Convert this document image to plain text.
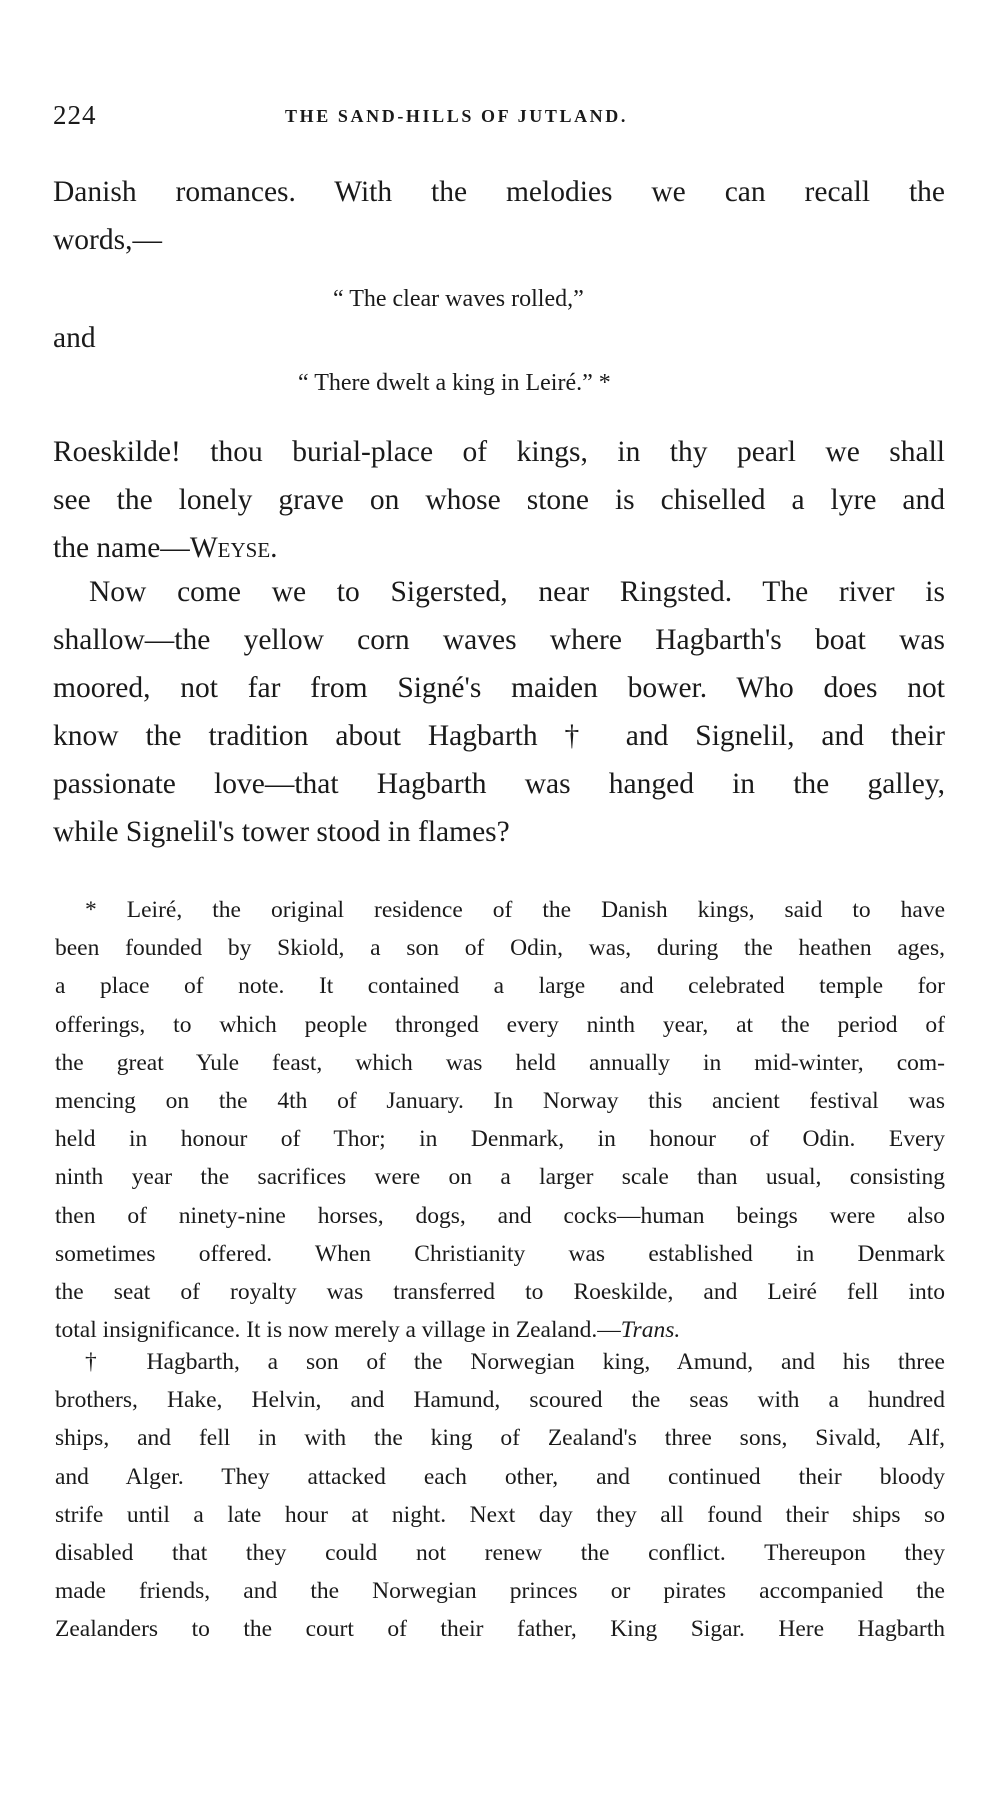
224	THE SAND-HILLS OF JUTLAND.
Danish romances. With the melodies we can recall the
words,—
“ The clear waves rolled,”
and
“ There dwelt a king in Leiré.” *
Roeskilde! thou burial-place of kings, in thy pearl we shall
see the lonely grave on whose stone is chiselled a lyre and
the name—Weyse.
Now come we to Sigersted, near Ringsted. The river is
shallow—the yellow corn waves where Hagbarth's boat was
moored, not far from Signé's maiden bower. Who does not
know the tradition about Hagbarth † and Signelil, and their
passionate love—that Hagbarth was hanged in the galley,
while Signelil's tower stood in flames?
* Leiré, the original residence of the Danish kings, said to have
been founded by Skiold, a son of Odin, was, during the heathen ages,
a place of note. It contained a large and celebrated temple for
offerings, to which people thronged every ninth year, at the period of
the great Yule feast, which was held annually in mid-winter, com-
mencing on the 4th of January. In Norway this ancient festival was
held in honour of Thor; in Denmark, in honour of Odin. Every
ninth year the sacrifices were on a larger scale than usual, consisting
then of ninety-nine horses, dogs, and cocks—human beings were also
sometimes offered. When Christianity was established in Denmark
the seat of royalty was transferred to Roeskilde, and Leiré fell into
total insignificance. It is now merely a village in Zealand.—Trans.
† Hagbarth, a son of the Norwegian king, Amund, and his three
brothers, Hake, Helvin, and Hamund, scoured the seas with a hundred
ships, and fell in with the king of Zealand's three sons, Sivald, Alf,
and Alger. They attacked each other, and continued their bloody
strife until a late hour at night. Next day they all found their ships so
disabled that they could not renew the conflict. Thereupon they
made friends, and the Norwegian princes or pirates accompanied the
Zealanders to the court of their father, King Sigar. Here Hagbarth
